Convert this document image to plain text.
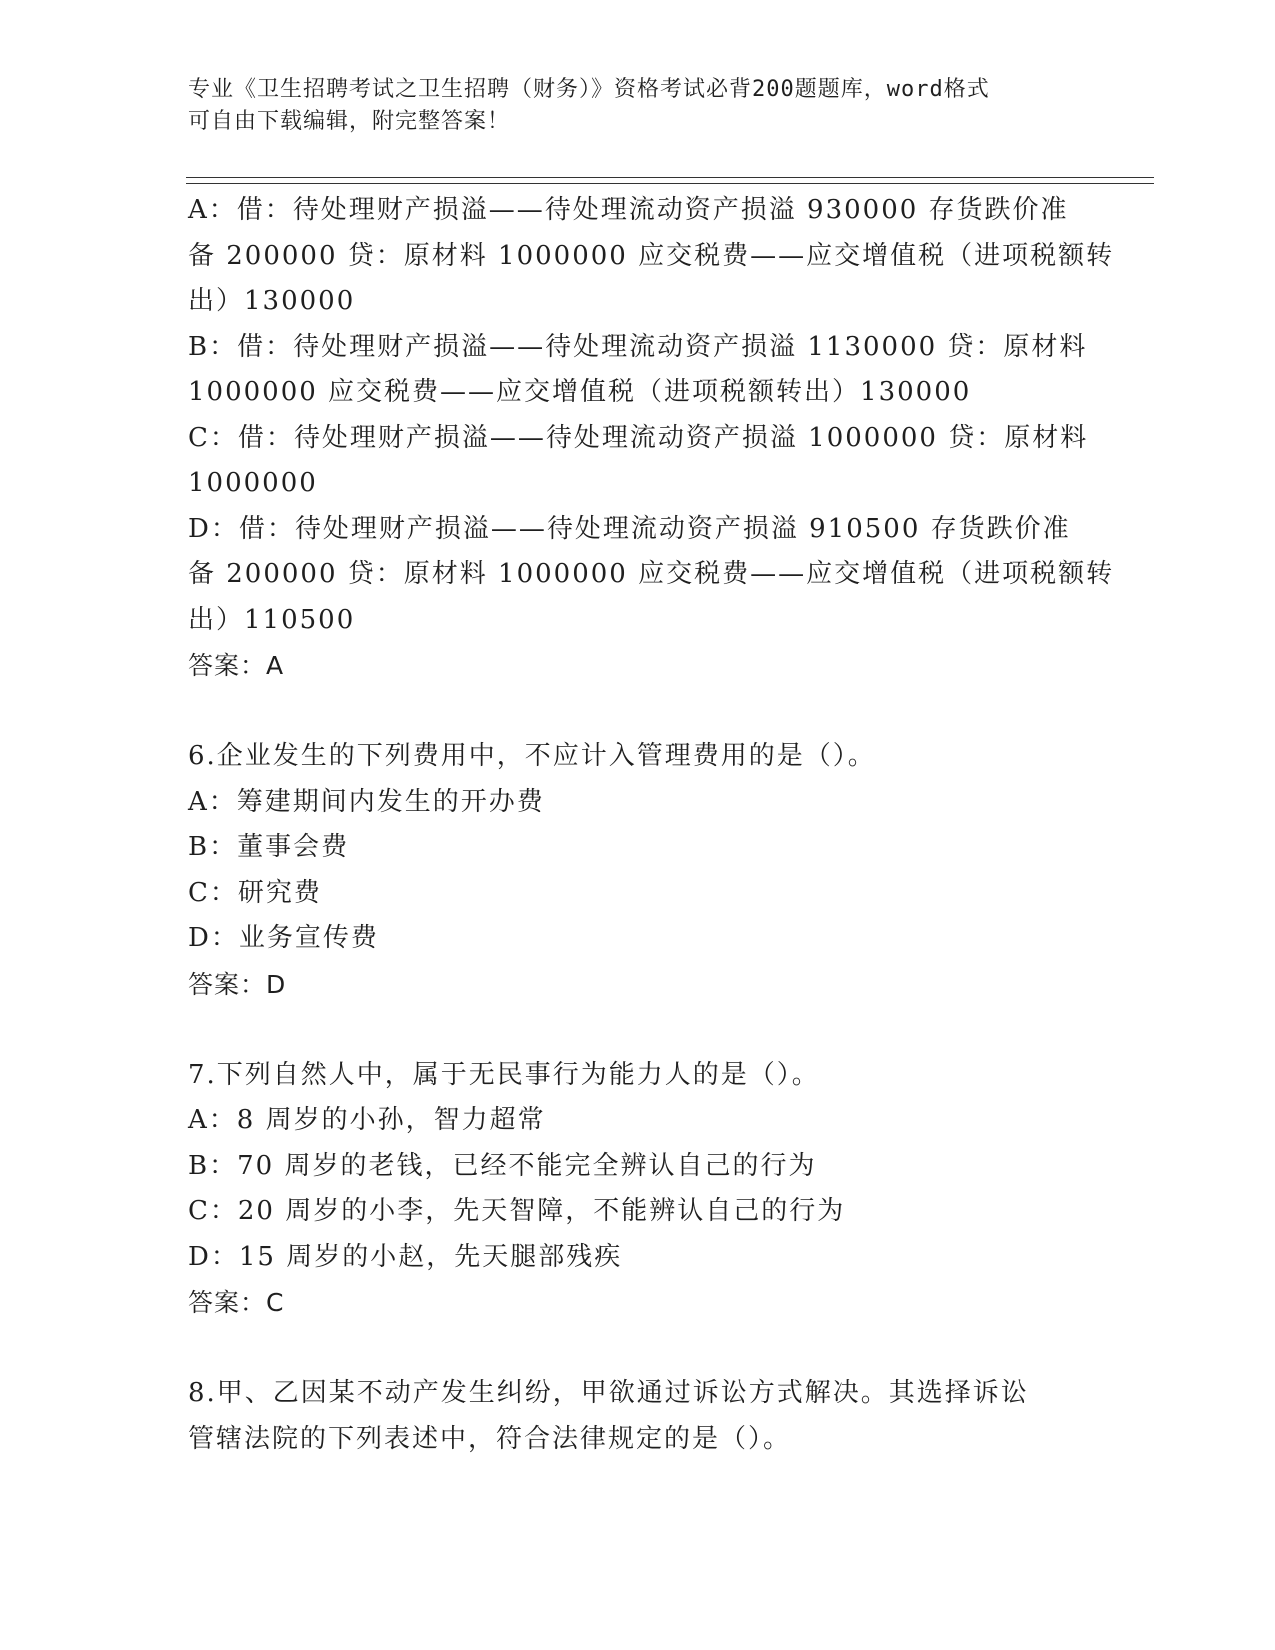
专业《卫生招聘考试之卫生招聘（财务）》资格考试必背200题题库，word格式
可自由下载编辑，附完整答案！
A：借：待处理财产损溢——待处理流动资产损溢 930000 存货跌价准
备 200000 贷：原材料 1000000 应交税费——应交增值税（进项税额转
出）130000
B：借：待处理财产损溢——待处理流动资产损溢 1130000 贷：原材料
1000000 应交税费——应交增值税（进项税额转出）130000
C：借：待处理财产损溢——待处理流动资产损溢 1000000 贷：原材料
1000000
D：借：待处理财产损溢——待处理流动资产损溢 910500 存货跌价准
备 200000 贷：原材料 1000000 应交税费——应交增值税（进项税额转
出）110500
答案：A
6.企业发生的下列费用中，不应计入管理费用的是（）。
A：筹建期间内发生的开办费
B：董事会费
C：研究费
D：业务宣传费
答案：D
7.下列自然人中，属于无民事行为能力人的是（）。
A：8 周岁的小孙，智力超常
B：70 周岁的老钱，已经不能完全辨认自己的行为
C：20 周岁的小李，先天智障，不能辨认自己的行为
D：15 周岁的小赵，先天腿部残疾
答案：C
8.甲、乙因某不动产发生纠纷，甲欲通过诉讼方式解决。其选择诉讼
管辖法院的下列表述中，符合法律规定的是（）。
